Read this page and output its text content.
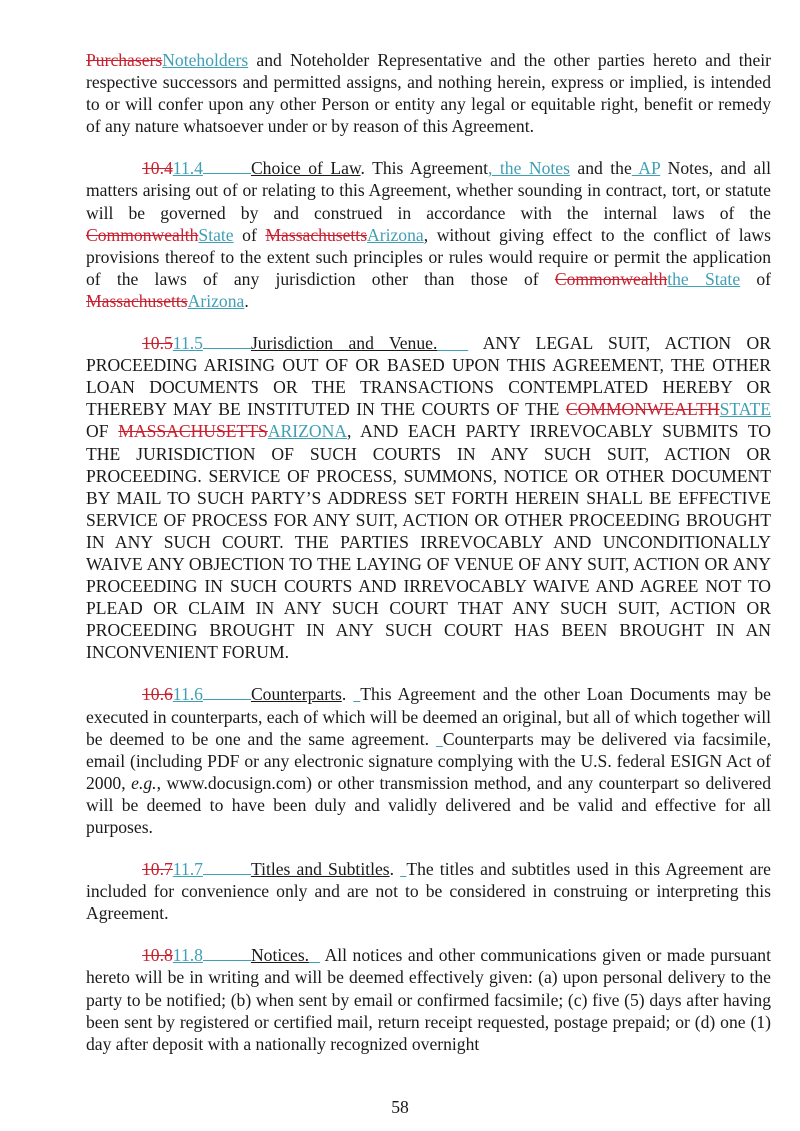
PurchasersNoteholders and Noteholder Representative and the other parties hereto and their respective successors and permitted assigns, and nothing herein, express or implied, is intended to or will confer upon any other Person or entity any legal or equitable right, benefit or remedy of any nature whatsoever under or by reason of this Agreement.

10.411.4	Choice of Law. This Agreement, the Notes and the AP Notes, and all matters arising out of or relating to this Agreement, whether sounding in contract, tort, or statute will be governed by and construed in accordance with the internal laws of the CommonwealthState of MassachusettsArizona, without giving effect to the conflict of laws provisions thereof to the extent such principles or rules would require or permit the application of the laws of any jurisdiction other than those of Commonwealththe State of MassachusettsArizona.

10.511.5	Jurisdiction and Venue.	ANY LEGAL SUIT, ACTION OR PROCEEDING ARISING OUT OF OR BASED UPON THIS AGREEMENT, THE OTHER LOAN DOCUMENTS OR THE TRANSACTIONS CONTEMPLATED HEREBY OR THEREBY MAY BE INSTITUTED IN THE COURTS OF THE COMMONWEALTHSTATE OF MASSACHUSETTSARIZONA, AND EACH PARTY IRREVOCABLY SUBMITS TO THE JURISDICTION OF SUCH COURTS IN ANY SUCH SUIT, ACTION OR PROCEEDING. SERVICE OF PROCESS, SUMMONS, NOTICE OR OTHER DOCUMENT BY MAIL TO SUCH PARTY’S ADDRESS SET FORTH HEREIN SHALL BE EFFECTIVE SERVICE OF PROCESS FOR ANY SUIT, ACTION OR OTHER PROCEEDING BROUGHT IN ANY SUCH COURT. THE PARTIES IRREVOCABLY AND UNCONDITIONALLY WAIVE ANY OBJECTION TO THE LAYING OF VENUE OF ANY SUIT, ACTION OR ANY PROCEEDING IN SUCH COURTS AND IRREVOCABLY WAIVE AND AGREE NOT TO PLEAD OR CLAIM IN ANY SUCH COURT THAT ANY SUCH SUIT, ACTION OR PROCEEDING BROUGHT IN ANY SUCH COURT HAS BEEN BROUGHT IN AN INCONVENIENT FORUM.

10.611.6	Counterparts. This Agreement and the other Loan Documents may be executed in counterparts, each of which will be deemed an original, but all of which together will be deemed to be one and the same agreement. Counterparts may be delivered via facsimile, email (including PDF or any electronic signature complying with the U.S. federal ESIGN Act of 2000, e.g., www.docusign.com) or other transmission method, and any counterpart so delivered will be deemed to have been duly and validly delivered and be valid and effective for all purposes.

10.711.7	Titles and Subtitles. The titles and subtitles used in this Agreement are included for convenience only and are not to be considered in construing or interpreting this Agreement.

10.811.8	Notices. All notices and other communications given or made pursuant hereto will be in writing and will be deemed effectively given: (a) upon personal delivery to the party to be notified; (b) when sent by email or confirmed facsimile; (c) five (5) days after having been sent by registered or certified mail, return receipt requested, postage prepaid; or (d) one (1) day after deposit with a nationally recognized overnight

58
